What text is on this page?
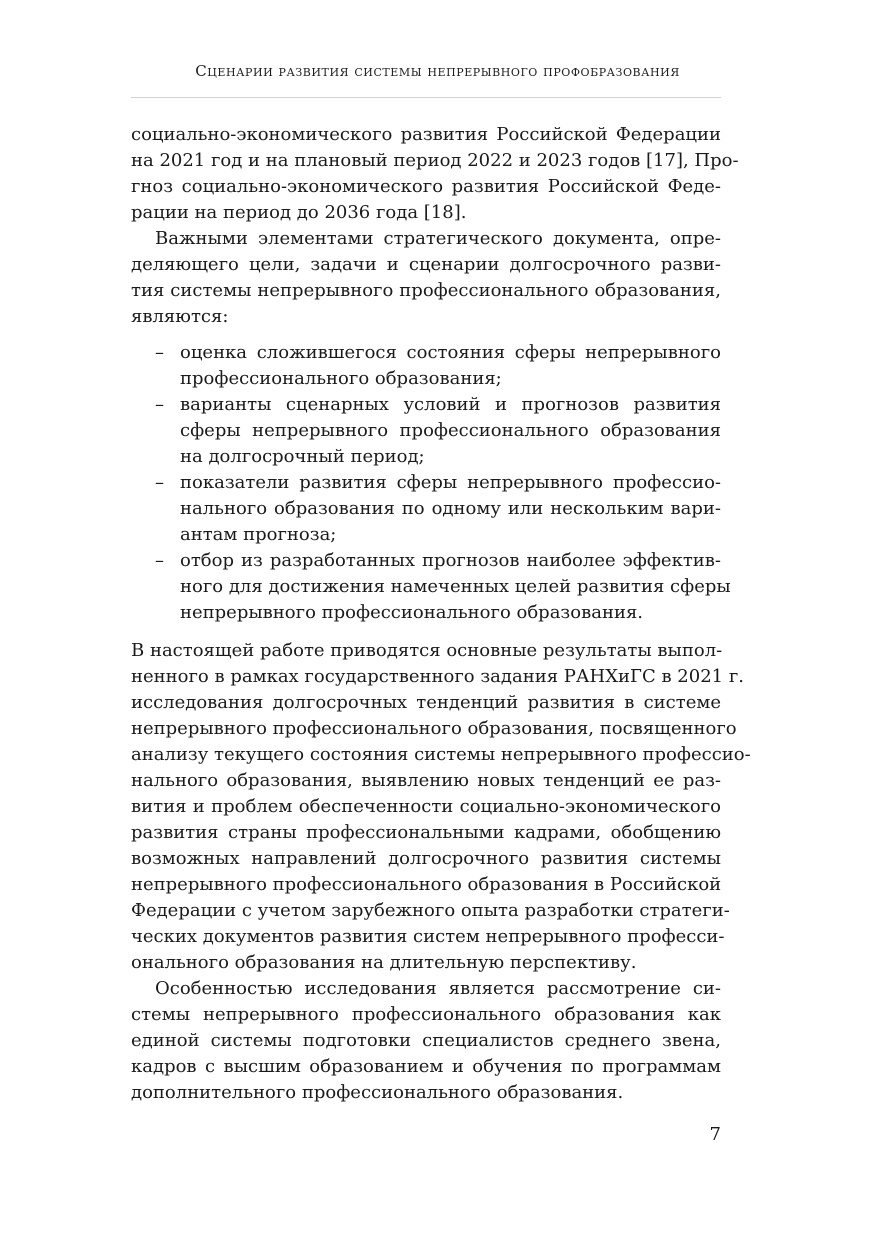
Сценарии развития системы непрерывного профобразования

социально-экономического развития Российской Федерации
на 2021 год и на плановый период 2022 и 2023 годов [17], Про-
гноз социально-экономического развития Российской Феде-
рации на период до 2036 года [18].

Важными элементами стратегического документа, опре-
деляющего цели, задачи и сценарии долгосрочного разви-
тия системы непрерывного профессионального образования,
являются:

– оценка сложившегося состояния сферы непрерывного
профессионального образования;
– варианты сценарных условий и прогнозов развития
сферы непрерывного профессионального образования
на долгосрочный период;
– показатели развития сферы непрерывного профессио-
нального образования по одному или нескольким вари-
антам прогноза;
– отбор из разработанных прогнозов наиболее эффектив-
ного для достижения намеченных целей развития сферы
непрерывного профессионального образования.

В настоящей работе приводятся основные результаты выпол-
ненного в рамках государственного задания РАНХиГС в 2021 г.
исследования долгосрочных тенденций развития в системе
непрерывного профессионального образования, посвященного
анализу текущего состояния системы непрерывного профессио-
нального образования, выявлению новых тенденций ее раз-
вития и проблем обеспеченности социально-экономического
развития страны профессиональными кадрами, обобщению
возможных направлений долгосрочного развития системы
непрерывного профессионального образования в Российской
Федерации с учетом зарубежного опыта разработки стратеги-
ческих документов развития систем непрерывного професси-
онального образования на длительную перспективу.

Особенностью исследования является рассмотрение си-
стемы непрерывного профессионального образования как
единой системы подготовки специалистов среднего звена,
кадров с высшим образованием и обучения по программам
дополнительного профессионального образования.

7
